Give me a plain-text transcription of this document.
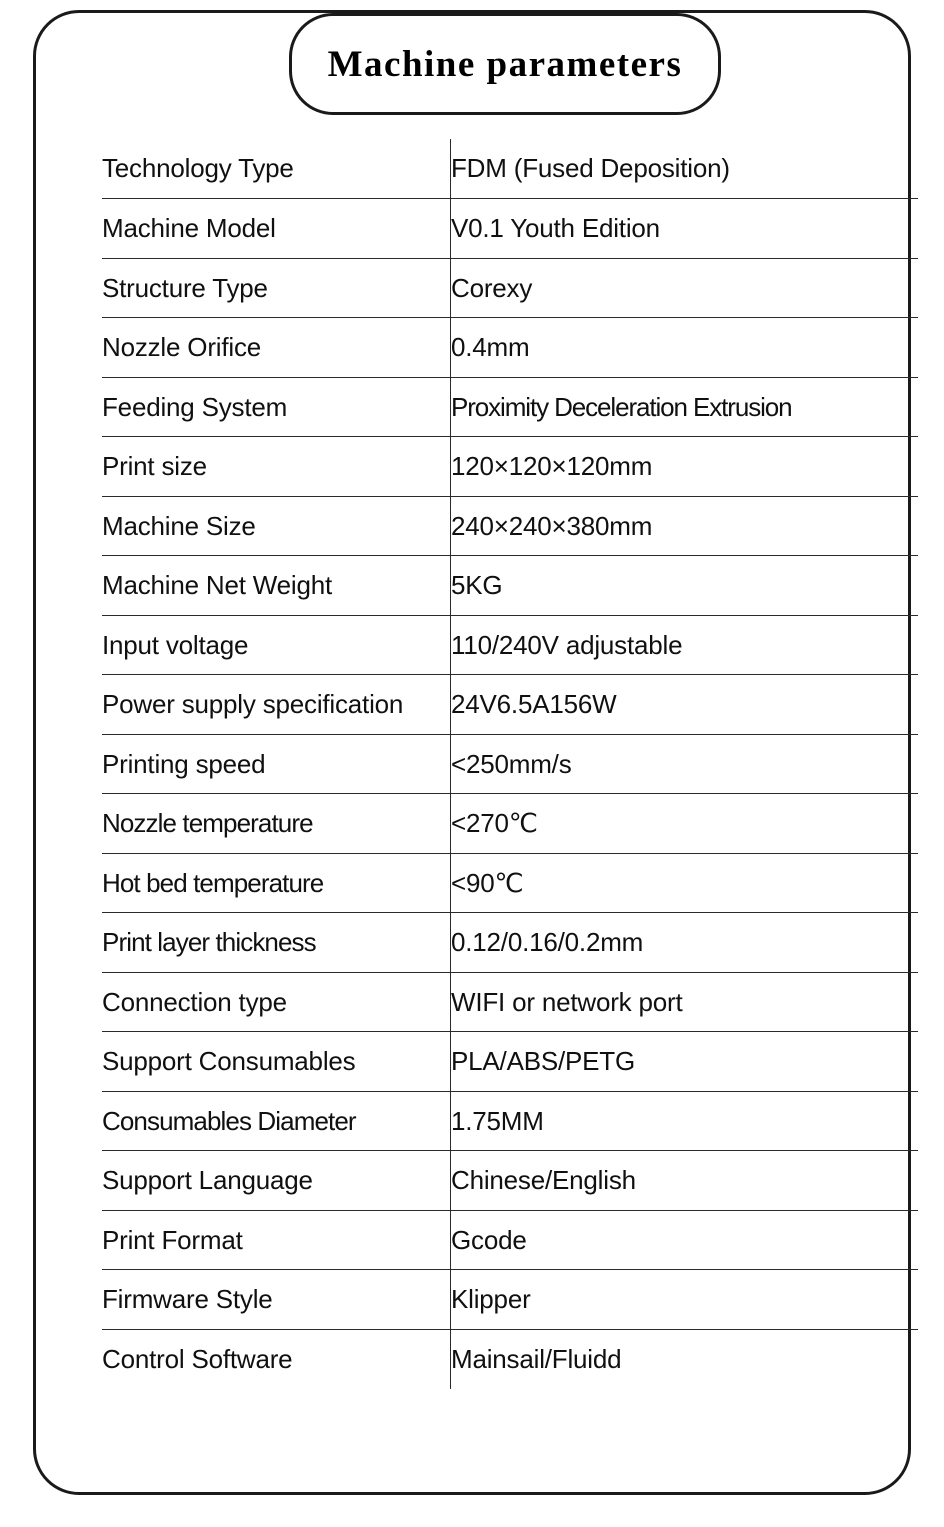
Machine parameters
Technology Type	FDM (Fused Deposition)

Machine Model	V0.1 Youth Edition

Structure Type	Corexy

Nozzle Orifice	0.4mm

Feeding System	Proximity Deceleration Extrusion

Print size	120×120×120mm

Machine Size	240×240×380mm

Machine Net Weight	5KG

Input voltage	110/240V adjustable

Power supply specification	24V6.5A156W

Printing speed	<250mm/s

Nozzle temperature	<270℃

Hot bed temperature	<90℃

Print layer thickness	0.12/0.16/0.2mm

Connection type	WIFI or network port

Support Consumables	PLA/ABS/PETG

Consumables Diameter	1.75MM

Support Language	Chinese/English

Print Format	Gcode

Firmware Style	Klipper

Control Software	Mainsail/Fluidd
